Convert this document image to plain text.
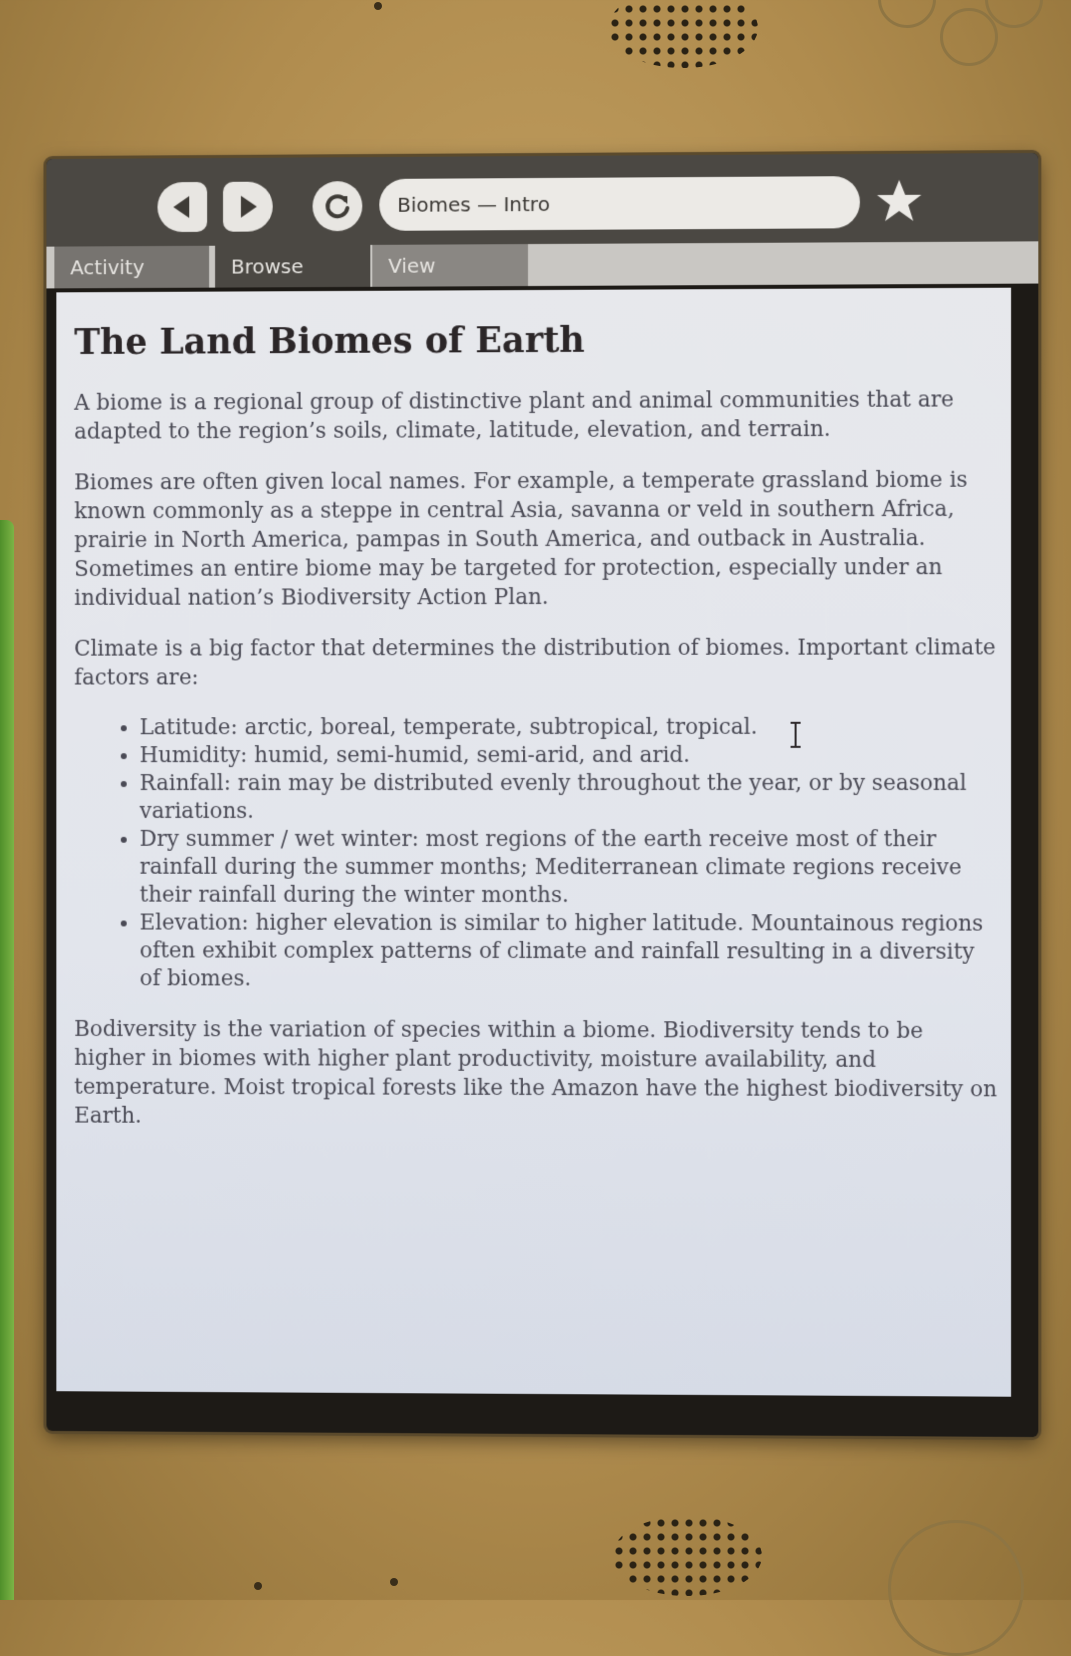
Biomes — Intro
Activity	Browse	View
The Land Biomes of Earth

A biome is a regional group of distinctive plant and animal communities that are adapted to the region’s soils, climate, latitude, elevation, and terrain.

Biomes are often given local names. For example, a temperate grassland biome is known commonly as a steppe in central Asia, savanna or veld in southern Africa, prairie in North America, pampas in South America, and outback in Australia. Sometimes an entire biome may be targeted for protection, especially under an individual nation’s Biodiversity Action Plan.

Climate is a big factor that determines the distribution of biomes. Important climate factors are:

• Latitude: arctic, boreal, temperate, subtropical, tropical.
• Humidity: humid, semi-humid, semi-arid, and arid.
• Rainfall: rain may be distributed evenly throughout the year, or by seasonal variations.
• Dry summer / wet winter: most regions of the earth receive most of their rainfall during the summer months; Mediterranean climate regions receive their rainfall during the winter months.
• Elevation: higher elevation is similar to higher latitude. Mountainous regions often exhibit complex patterns of climate and rainfall resulting in a diversity of biomes.

Bodiversity is the variation of species within a biome. Biodiversity tends to be higher in biomes with higher plant productivity, moisture availability, and temperature. Moist tropical forests like the Amazon have the highest biodiversity on Earth.
